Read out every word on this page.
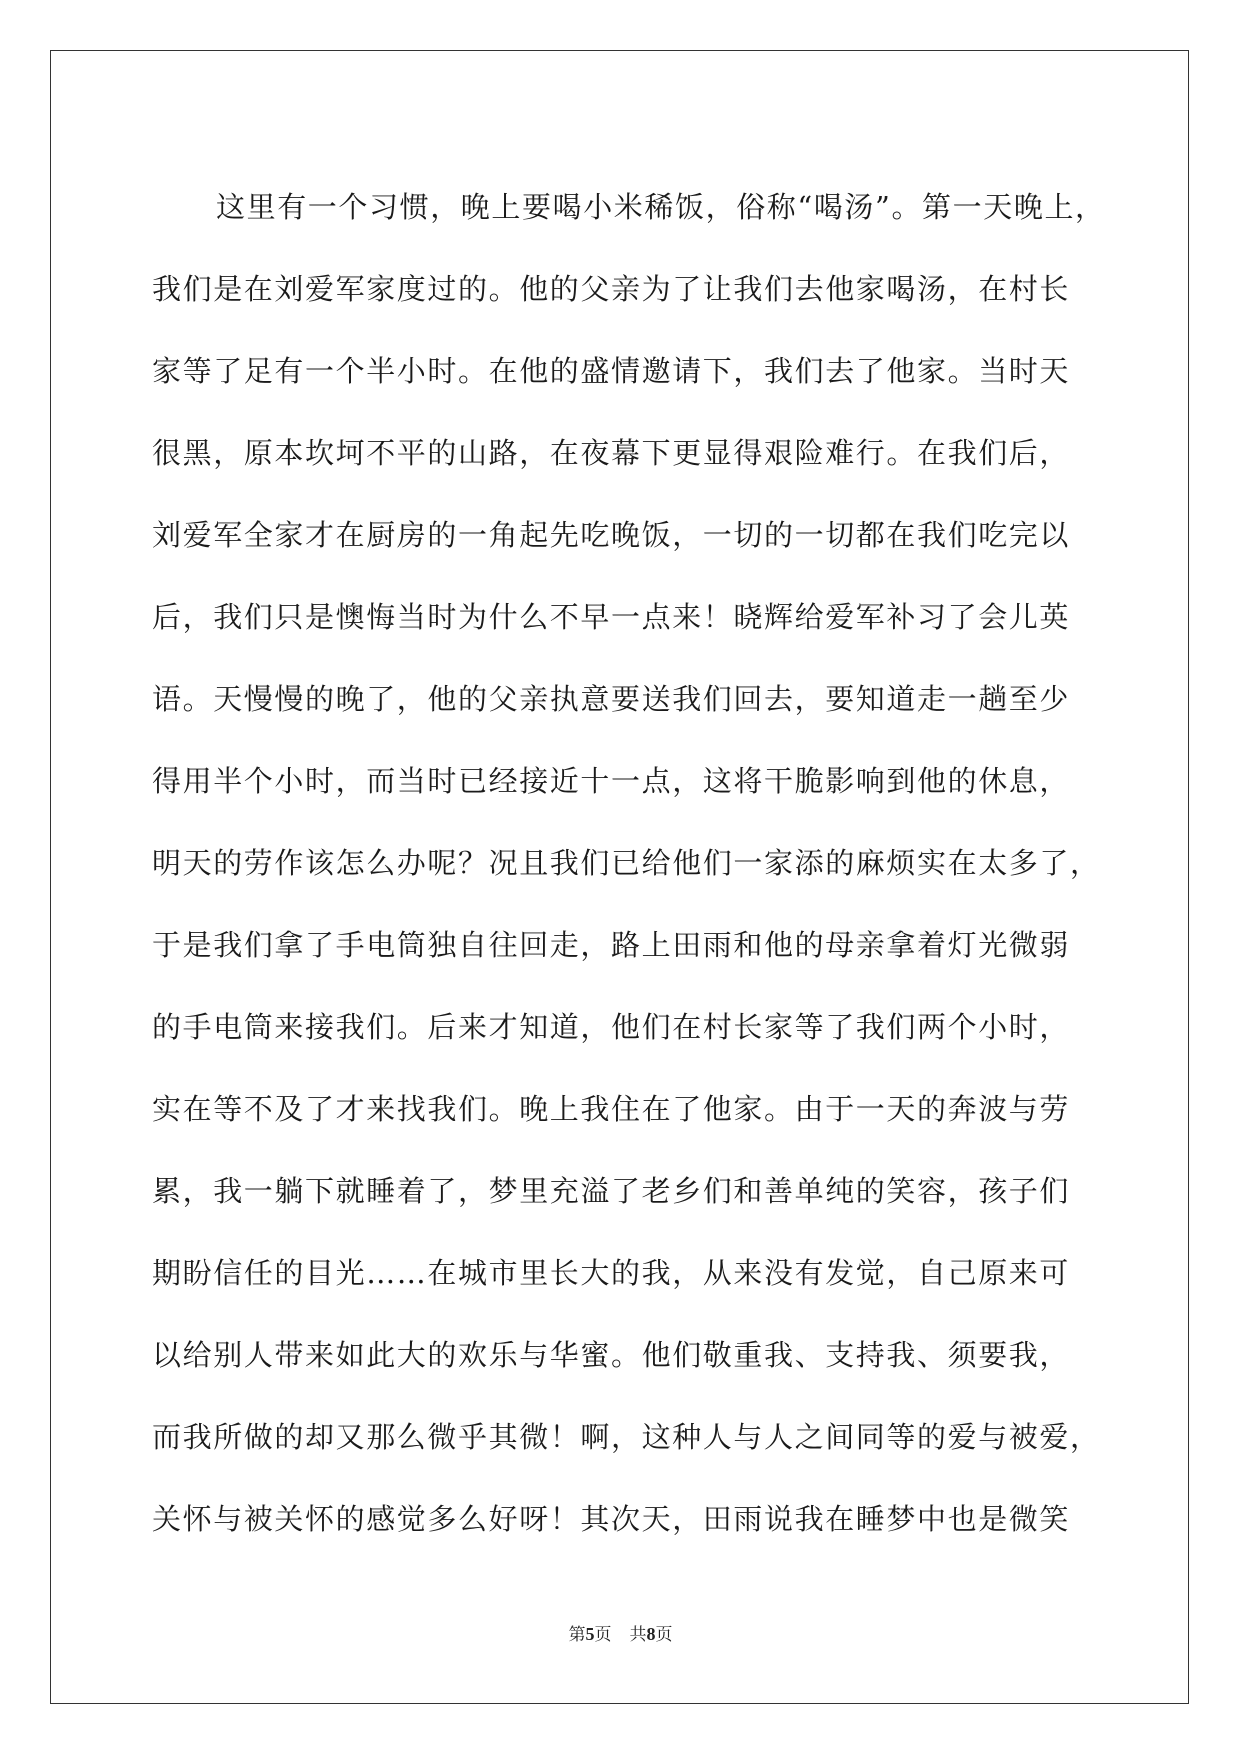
这里有一个习惯，晚上要喝小米稀饭，俗称“喝汤”。第一天晚上，
我们是在刘爱军家度过的。他的父亲为了让我们去他家喝汤，在村长
家等了足有一个半小时。在他的盛情邀请下，我们去了他家。当时天
很黑，原本坎坷不平的山路，在夜幕下更显得艰险难行。在我们后，
刘爱军全家才在厨房的一角起先吃晚饭，一切的一切都在我们吃完以
后，我们只是懊悔当时为什么不早一点来！晓辉给爱军补习了会儿英
语。天慢慢的晚了，他的父亲执意要送我们回去，要知道走一趟至少
得用半个小时，而当时已经接近十一点，这将干脆影响到他的休息，
明天的劳作该怎么办呢？况且我们已给他们一家添的麻烦实在太多了，
于是我们拿了手电筒独自往回走，路上田雨和他的母亲拿着灯光微弱
的手电筒来接我们。后来才知道，他们在村长家等了我们两个小时，
实在等不及了才来找我们。晚上我住在了他家。由于一天的奔波与劳
累，我一躺下就睡着了，梦里充溢了老乡们和善单纯的笑容，孩子们
期盼信任的目光……在城市里长大的我，从来没有发觉，自己原来可
以给别人带来如此大的欢乐与华蜜。他们敬重我、支持我、须要我，
而我所做的却又那么微乎其微！啊，这种人与人之间同等的爱与被爱，
关怀与被关怀的感觉多么好呀！其次天，田雨说我在睡梦中也是微笑
第5页 共8页
